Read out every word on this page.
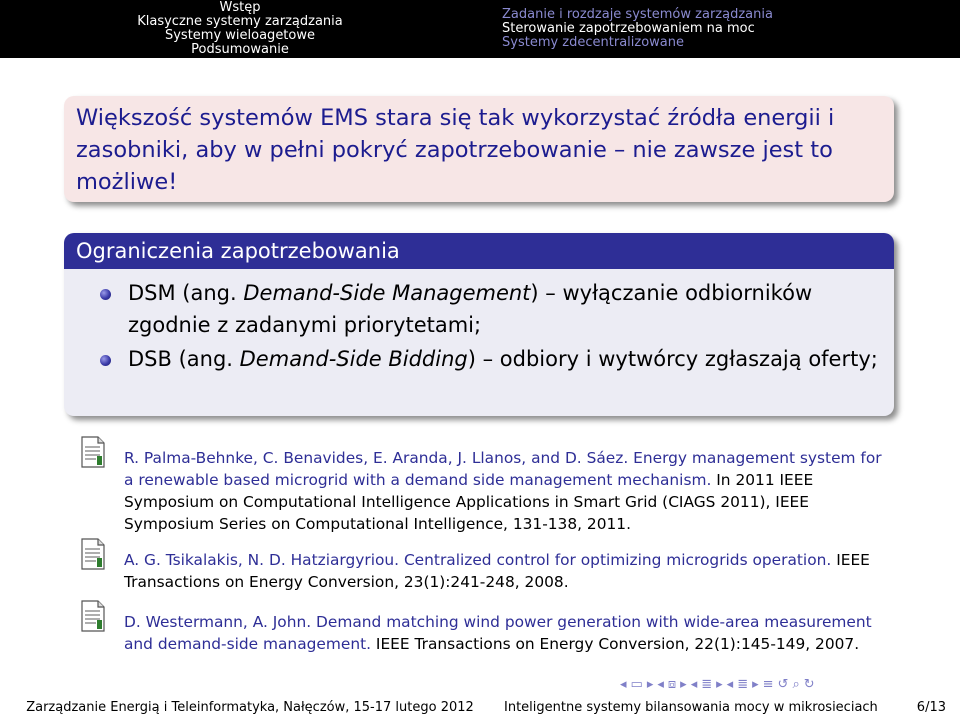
Wstęp
Klasyczne systemy zarządzania
Systemy wieloagetowe
Podsumowanie
Zadanie i rozdzaje systemów zarządzania
Sterowanie zapotrzebowaniem na moc
Systemy zdecentralizowane
Większość systemów EMS stara się tak wykorzystać źródła energii i zasobniki, aby w pełni pokryć zapotrzebowanie – nie zawsze jest to możliwe!
Ograniczenia zapotrzebowania
DSM (ang. Demand-Side Management) – wyłączanie odbiorników zgodnie z zadanymi priorytetami;
DSB (ang. Demand-Side Bidding) – odbiory i wytwórcy zgłaszają oferty;
R. Palma-Behnke, C. Benavides, E. Aranda, J. Llanos, and D. Sáez. Energy management system for a renewable based microgrid with a demand side management mechanism. In 2011 IEEE Symposium on Computational Intelligence Applications in Smart Grid (CIAGS 2011), IEEE Symposium Series on Computational Intelligence, 131-138, 2011.
A. G. Tsikalakis, N. D. Hatziargyriou. Centralized control for optimizing microgrids operation. IEEE Transactions on Energy Conversion, 23(1):241-248, 2008.
D. Westermann, A. John. Demand matching wind power generation with wide-area measurement and demand-side management. IEEE Transactions on Energy Conversion, 22(1):145-149, 2007.
◂ ▭ ▸ ◂ ⧈ ▸ ◂ ≣ ▸ ◂ ≣ ▸ ≡ ↺ ⌕ ↻
Zarządzanie Energią i Teleinformatyka, Nałęczów, 15-17 lutego 2012	Inteligentne systemy bilansowania mocy w mikrosieciach	6/13
